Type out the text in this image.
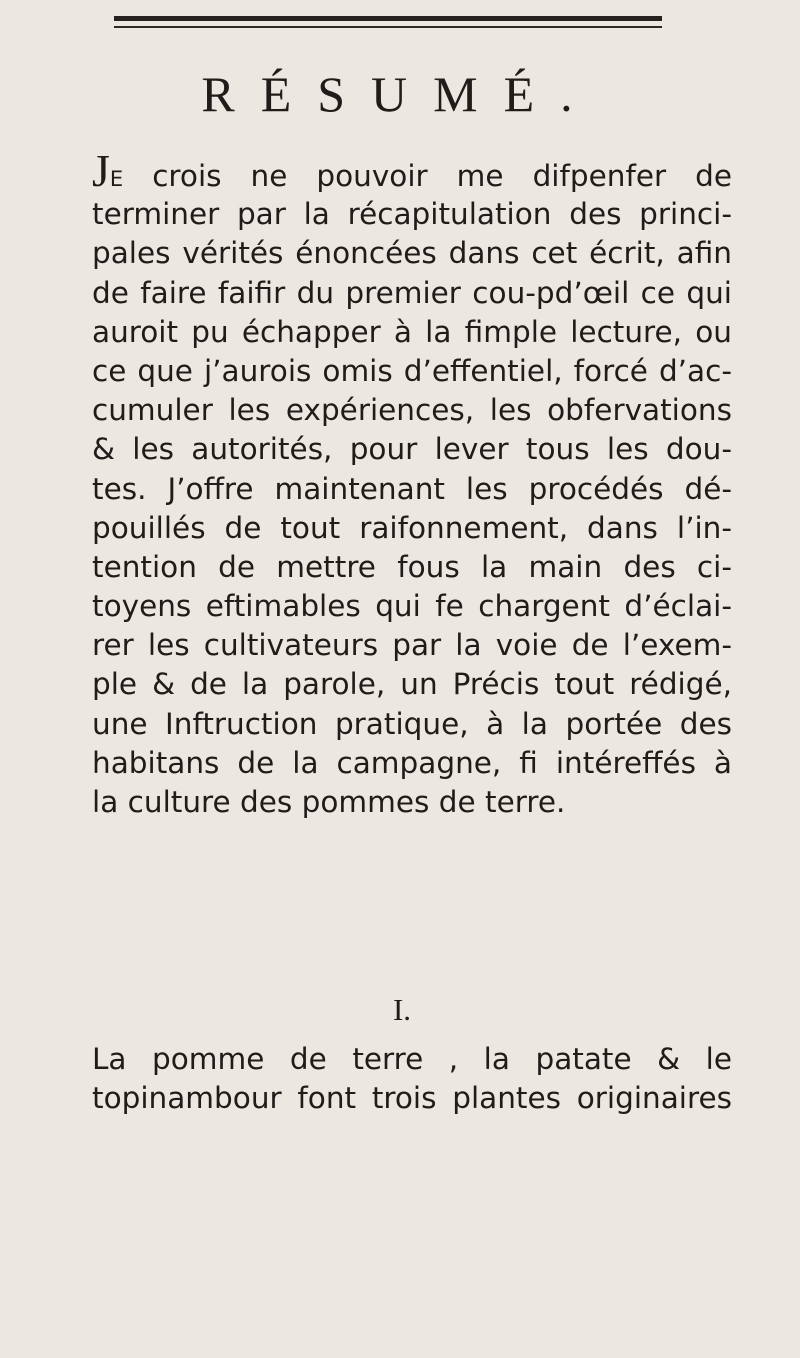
RÉSUMÉ.
JE crois ne pouvoir me difpenfer de
terminer par la récapitulation des princi-
pales vérités énoncées dans cet écrit, afin
de faire faifir du premier cou-pd’œil ce qui
auroit pu échapper à la fimple lecture, ou
ce que j’aurois omis d’effentiel, forcé d’ac-
cumuler les expériences, les obfervations
& les autorités, pour lever tous les dou-
tes. J’offre maintenant les procédés dé-
pouillés de tout raifonnement, dans l’in-
tention de mettre fous la main des ci-
toyens eftimables qui fe chargent d’éclai-
rer les cultivateurs par la voie de l’exem-
ple & de la parole, un Précis tout rédigé,
une Inftruction pratique, à la portée des
habitans de la campagne, fi intéreffés à
la culture des pommes de terre.
I.
La pomme de terre , la patate & le
topinambour font trois plantes originaires
